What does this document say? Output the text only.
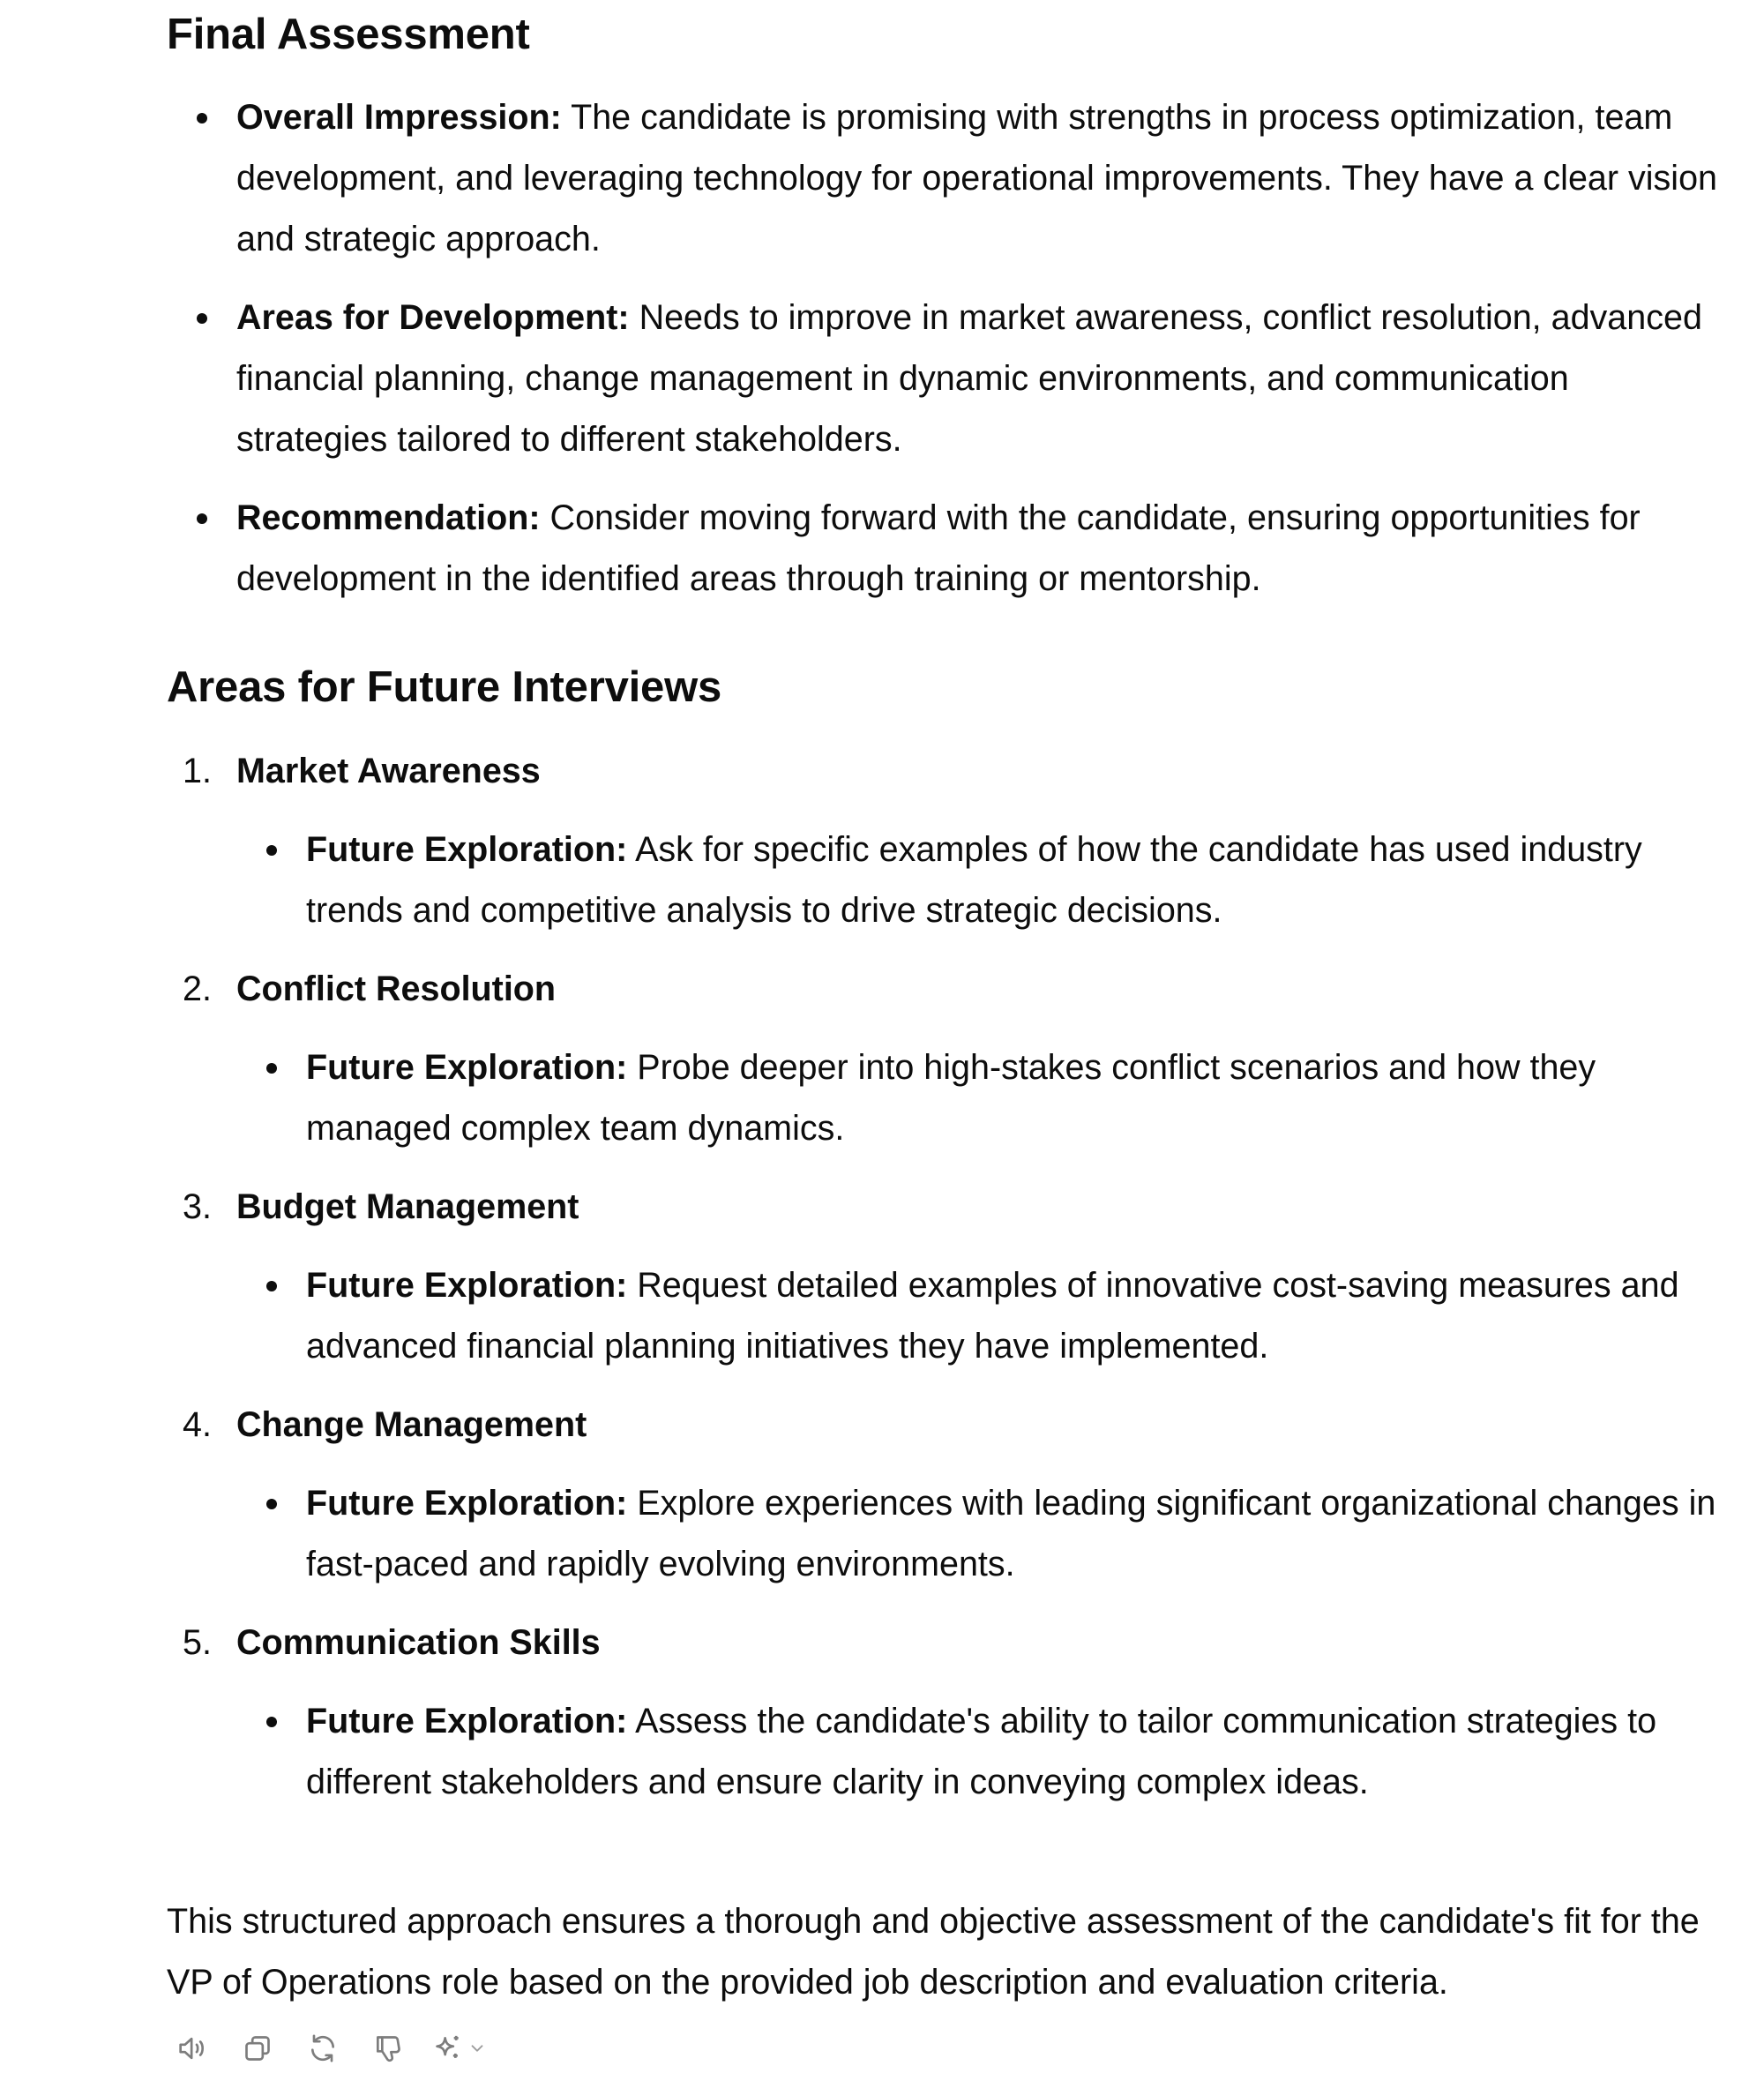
Final Assessment
Overall Impression: The candidate is promising with strengths in process optimization, team development, and leveraging technology for operational improvements. They have a clear vision and strategic approach.
Areas for Development: Needs to improve in market awareness, conflict resolution, advanced financial planning, change management in dynamic environments, and communication strategies tailored to different stakeholders.
Recommendation: Consider moving forward with the candidate, ensuring opportunities for development in the identified areas through training or mentorship.
Areas for Future Interviews
1. Market Awareness
Future Exploration: Ask for specific examples of how the candidate has used industry trends and competitive analysis to drive strategic decisions.
2. Conflict Resolution
Future Exploration: Probe deeper into high-stakes conflict scenarios and how they managed complex team dynamics.
3. Budget Management
Future Exploration: Request detailed examples of innovative cost-saving measures and advanced financial planning initiatives they have implemented.
4. Change Management
Future Exploration: Explore experiences with leading significant organizational changes in fast-paced and rapidly evolving environments.
5. Communication Skills
Future Exploration: Assess the candidate's ability to tailor communication strategies to different stakeholders and ensure clarity in conveying complex ideas.

This structured approach ensures a thorough and objective assessment of the candidate's fit for the VP of Operations role based on the provided job description and evaluation criteria.
